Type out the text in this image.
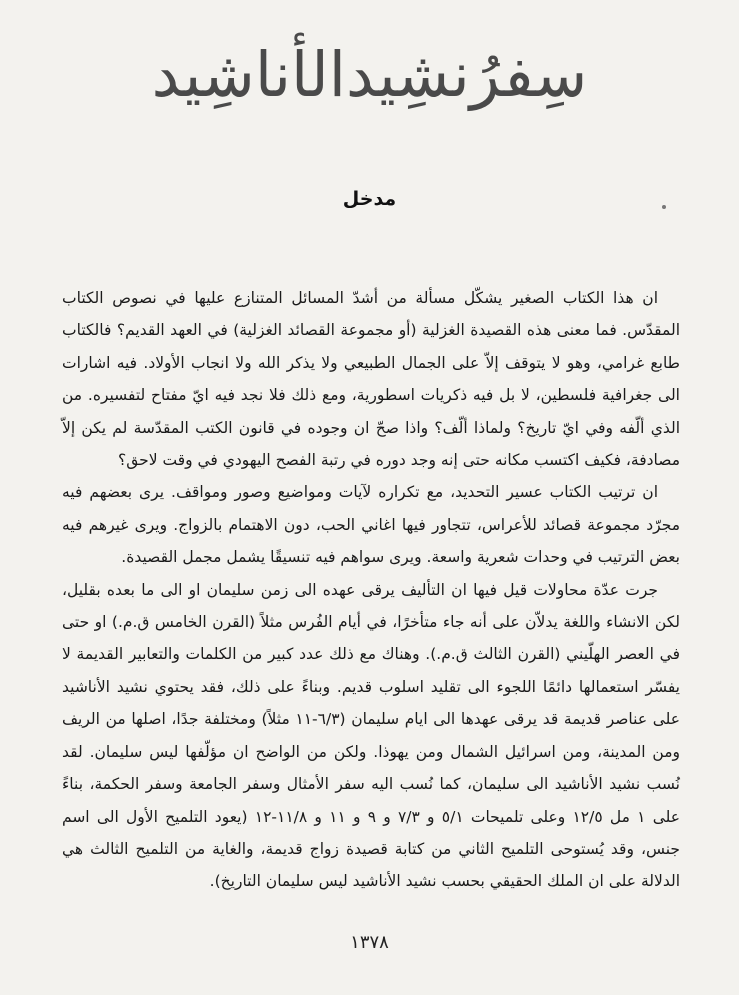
سِفرُنشِيدالأناشِيد
مدخل

ان هذا الكتاب الصغير يشكّل مسألة من أشدّ المسائل المتنازع عليها في نصوص الكتاب المقدّس. فما معنى هذه القصيدة الغزلية (أو مجموعة القصائد الغزلية) في العهد القديم؟ فالكتاب طابع غرامي، وهو لا يتوقف إلاّ على الجمال الطبيعي ولا يذكر الله ولا انجاب الأولاد. فيه اشارات الى جغرافية فلسطين، لا بل فيه ذكريات اسطورية، ومع ذلك فلا نجد فيه ايّ مفتاح لتفسيره. من الذي ألّفه وفي ايّ تاريخ؟ ولماذا ألّف؟ واذا صحّ ان وجوده في قانون الكتب المقدّسة لم يكن إلاّ مصادفة، فكيف اكتسب مكانه حتى إنه وجد دوره في رتبة الفصح اليهودي في وقت لاحق؟

ان ترتيب الكتاب عسير التحديد، مع تكراره لآيات ومواضيع وصور ومواقف. يرى بعضهم فيه مجرّد مجموعة قصائد للأعراس، تتجاور فيها اغاني الحب، دون الاهتمام بالزواج. ويرى غيرهم فيه بعض الترتيب في وحدات شعرية واسعة. ويرى سواهم فيه تنسيقًا يشمل مجمل القصيدة.

جرت عدّة محاولات قيل فيها ان التأليف يرقى عهده الى زمن سليمان او الى ما بعده بقليل، لكن الانشاء واللغة يدلاّن على أنه جاء متأخرًا، في أيام الفُرس مثلاً (القرن الخامس ق.م.) او حتى في العصر الهلّيني (القرن الثالث ق.م.). وهناك مع ذلك عدد كبير من الكلمات والتعابير القديمة لا يفسّر استعمالها دائمًا اللجوء الى تقليد اسلوب قديم. وبناءً على ذلك، فقد يحتوي نشيد الأناشيد على عناصر قديمة قد يرقى عهدها الى ايام سليمان (٦/٣-١١ مثلاً) ومختلفة جدًا، اصلها من الريف ومن المدينة، ومن اسرائيل الشمال ومن يهوذا. ولكن من الواضح ان مؤلّفها ليس سليمان. لقد نُسب نشيد الأناشيد الى سليمان، كما نُسب اليه سفر الأمثال وسفر الجامعة وسفر الحكمة، بناءً على ١ مل ١٢/٥ وعلى تلميحات ٥/١ و ٧/٣ و ٩ و ١١ و ١١/٨-١٢ (يعود التلميح الأول الى اسم جنس، وقد يُستوحى التلميح الثاني من كتابة قصيدة زواج قديمة، والغاية من التلميح الثالث هي الدلالة على ان الملك الحقيقي بحسب نشيد الأناشيد ليس سليمان التاريخ).

١٣٧٨
